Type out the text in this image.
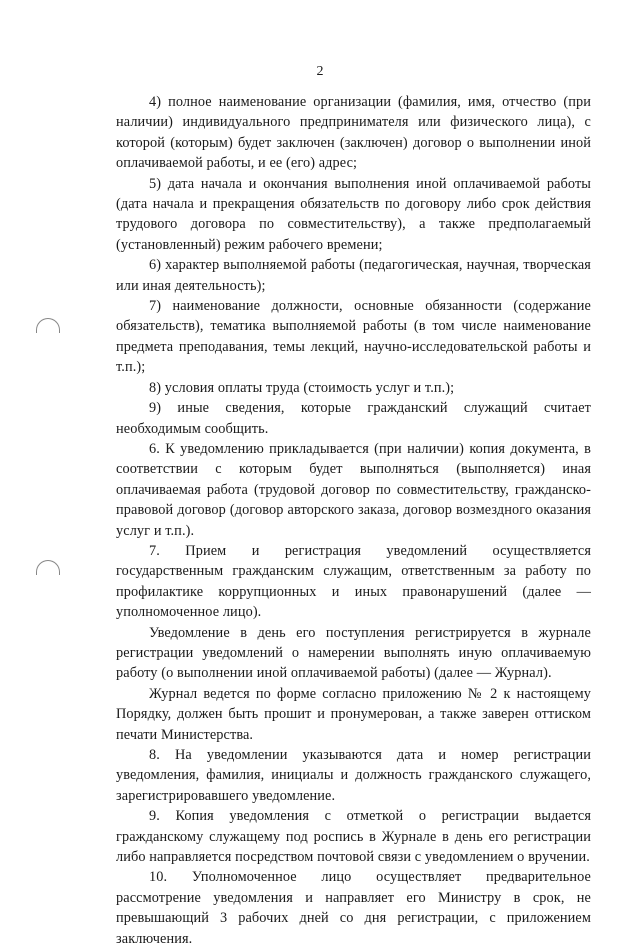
2

4) полное наименование организации (фамилия, имя, отчество (при наличии) индивидуального предпринимателя или физического лица), с которой (которым) будет заключен (заключен) договор о выполнении иной оплачиваемой работы, и ее (его) адрес;

5) дата начала и окончания выполнения иной оплачиваемой работы (дата начала и прекращения обязательств по договору либо срок действия трудового договора по совместительству), а также предполагаемый (установленный) режим рабочего времени;

6) характер выполняемой работы (педагогическая, научная, творческая или иная деятельность);

7) наименование должности, основные обязанности (содержание обязательств), тематика выполняемой работы (в том числе наименование предмета преподавания, темы лекций, научно-исследовательской работы и т.п.);

8) условия оплаты труда (стоимость услуг и т.п.);

9) иные сведения, которые гражданский служащий считает необходимым сообщить.

6. К уведомлению прикладывается (при наличии) копия документа, в соответствии с которым будет выполняться (выполняется) иная оплачиваемая работа (трудовой договор по совместительству, гражданско-правовой договор (договор авторского заказа, договор возмездного оказания услуг и т.п.).

7. Прием и регистрация уведомлений осуществляется государственным гражданским служащим, ответственным за работу по профилактике коррупционных и иных правонарушений (далее — уполномоченное лицо).

Уведомление в день его поступления регистрируется в журнале регистрации уведомлений о намерении выполнять иную оплачиваемую работу (о выполнении иной оплачиваемой работы) (далее — Журнал).

Журнал ведется по форме согласно приложению № 2 к настоящему Порядку, должен быть прошит и пронумерован, а также заверен оттиском печати Министерства.

8. На уведомлении указываются дата и номер регистрации уведомления, фамилия, инициалы и должность гражданского служащего, зарегистрировавшего уведомление.

9. Копия уведомления с отметкой о регистрации выдается гражданскому служащему под роспись в Журнале в день его регистрации либо направляется посредством почтовой связи с уведомлением о вручении.

10. Уполномоченное лицо осуществляет предварительное рассмотрение уведомления и направляет его Министру в срок, не превышающий 3 рабочих дней со дня регистрации, с приложением заключения.
